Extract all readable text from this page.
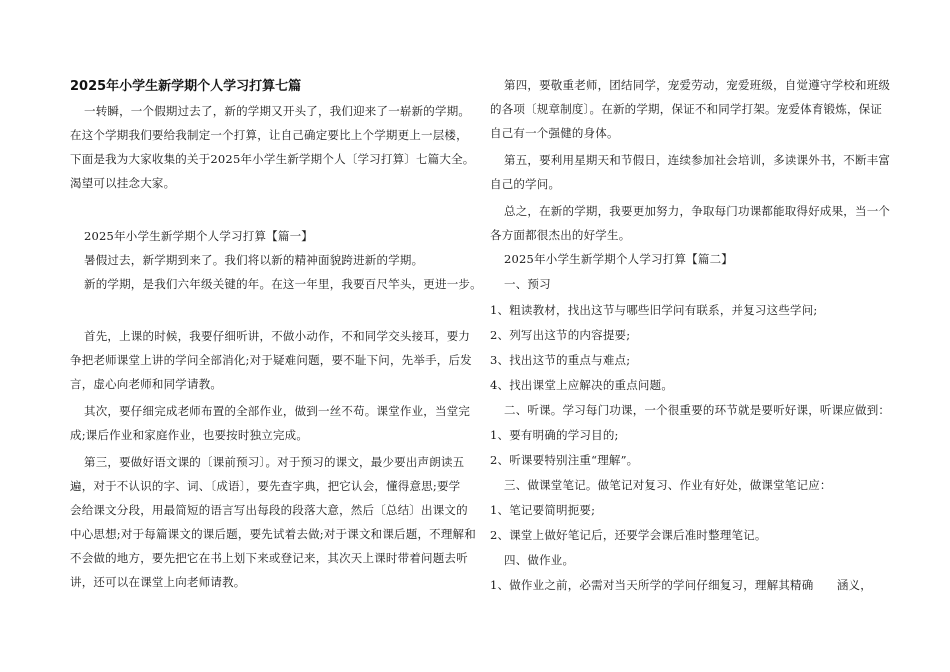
2025年小学生新学期个人学习打算七篇
一转瞬，一个假期过去了，新的学期又开头了，我们迎来了一崭新的学期。
在这个学期我们要给我制定一个打算，让自己确定要比上个学期更上一层楼，
下面是我为大家收集的关于2025年小学生新学期个人〔学习打算〕七篇大全。
渴望可以挂念大家。
2025年小学生新学期个人学习打算【篇一】
暑假过去，新学期到来了。我们将以新的精神面貌跨进新的学期。
新的学期，是我们六年级关键的年。在这一年里，我要百尺竿头，更进一步。
首先，上课的时候，我要仔细听讲，不做小动作，不和同学交头接耳，要力
争把老师课堂上讲的学问全部消化;对于疑难问题，要不耻下问，先举手，后发
言，虚心向老师和同学请教。
其次，要仔细完成老师布置的全部作业，做到一丝不苟。课堂作业，当堂完
成;课后作业和家庭作业，也要按时独立完成。
第三，要做好语文课的〔课前预习〕。对于预习的课文，最少要出声朗读五
遍，对于不认识的字、词、〔成语〕，要先查字典，把它认会，懂得意思;要学
会给课文分段，用最简短的语言写出每段的段落大意，然后〔总结〕出课文的
中心思想;对于每篇课文的课后题，要先试着去做;对于课文和课后题，不理解和
不会做的地方，要先把它在书上划下来或登记来，其次天上课时带着问题去听
讲，还可以在课堂上向老师请教。
第四，要敬重老师，团结同学，宠爱劳动，宠爱班级，自觉遵守学校和班级
的各项〔规章制度〕。在新的学期，保证不和同学打架。宠爱体育锻炼，保证
自己有一个强健的身体。
第五，要利用星期天和节假日，连续参加社会培训，多读课外书，不断丰富
自己的学问。
总之，在新的学期，我要更加努力，争取每门功课都能取得好成果，当一个
各方面都很杰出的好学生。
2025年小学生新学期个人学习打算【篇二】
一、预习
1、粗读教材，找出这节与哪些旧学问有联系，并复习这些学问;
2、列写出这节的内容提要;
3、找出这节的重点与难点;
4、找出课堂上应解决的重点问题。
二、听课。学习每门功课，一个很重要的环节就是要听好课，听课应做到：
1、要有明确的学习目的;
2、听课要特别注重“理解”。
三、做课堂笔记。做笔记对复习、作业有好处，做课堂笔记应：
1、笔记要简明扼要;
2、课堂上做好笔记后，还要学会课后准时整理笔记。
四、做作业。
1、做作业之前，必需对当天所学的学问仔细复习，理解其精确　　涵义，
